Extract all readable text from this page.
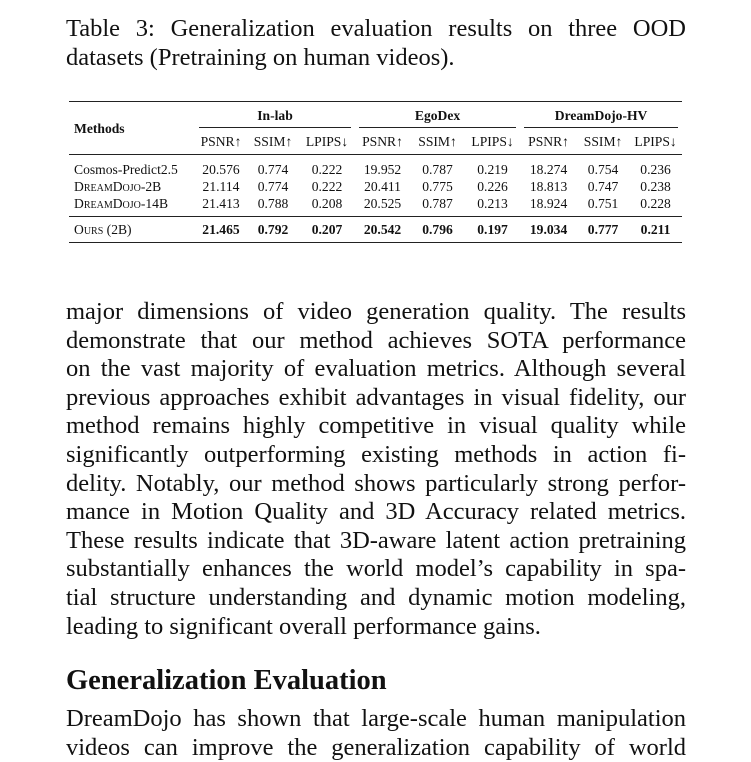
Table 3: Generalization evaluation results on three OOD
datasets (Pretraining on human videos).
Methods	In-lab			EgoDex			DreamDojo-HV		

	PSNR↑	SSIM↑	LPIPS↓	PSNR↑	SSIM↑	LPIPS↓	PSNR↑	SSIM↑	LPIPS↓
Cosmos-Predict2.5	20.576	0.774	0.222	19.952	0.787	0.219	18.274	0.754	0.236
DreamDojo-2B	21.114	0.774	0.222	20.411	0.775	0.226	18.813	0.747	0.238
DreamDojo-14B	21.413	0.788	0.208	20.525	0.787	0.213	18.924	0.751	0.228
Ours (2B)	21.465	0.792	0.207	20.542	0.796	0.197	19.034	0.777	0.211
major dimensions of video generation quality. The results
demonstrate that our method achieves SOTA performance
on the vast majority of evaluation metrics. Although several
previous approaches exhibit advantages in visual fidelity, our
method remains highly competitive in visual quality while
significantly outperforming existing methods in action fi-
delity. Notably, our method shows particularly strong perfor-
mance in Motion Quality and 3D Accuracy related metrics.
These results indicate that 3D-aware latent action pretraining
substantially enhances the world model’s capability in spa-
tial structure understanding and dynamic motion modeling,
leading to significant overall performance gains.
Generalization Evaluation
DreamDojo has shown that large-scale human manipulation
videos can improve the generalization capability of world
